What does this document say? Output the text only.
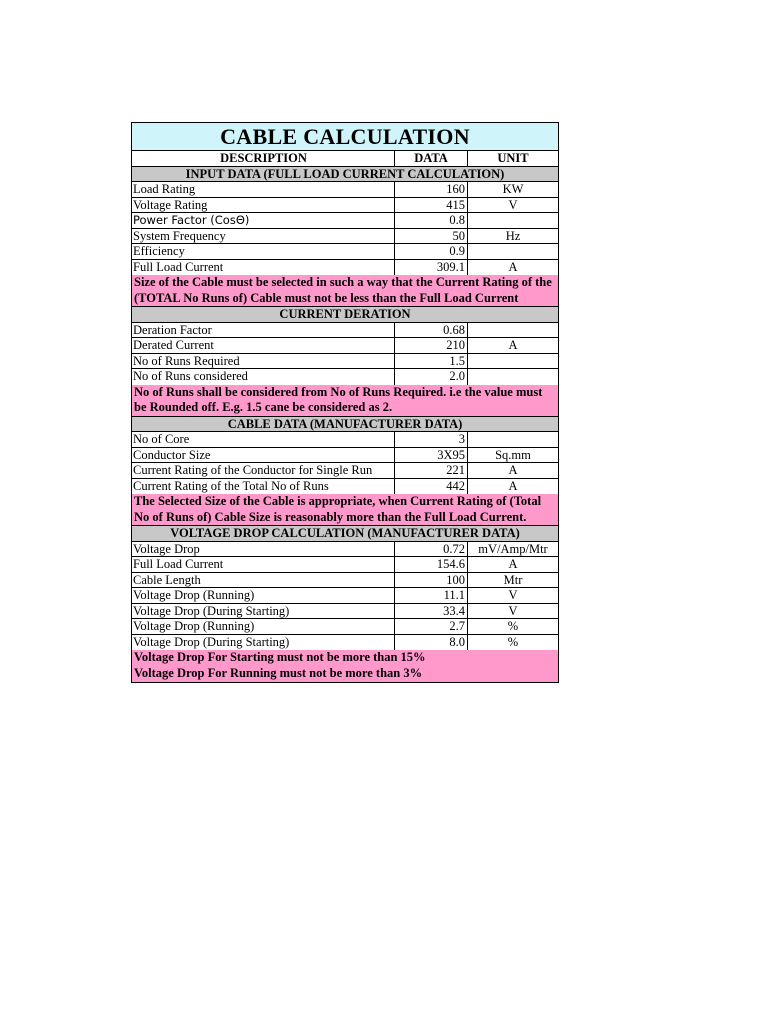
CABLE CALCULATION
DESCRIPTION	DATA	UNIT
INPUT DATA (FULL LOAD CURRENT CALCULATION)
Load Rating	160	KW
Voltage Rating	415	V
Power Factor (CosΘ)	0.8
System Frequency	50	Hz
Efficiency	0.9
Full Load Current	309.1	A
Size of the Cable must be selected in such a way that the Current Rating of the (TOTAL No Runs of) Cable must not be less than the Full Load Current
CURRENT DERATION
Deration Factor	0.68
Derated Current	210	A
No of Runs Required	1.5
No of Runs considered	2.0
No of Runs shall be considered from No of Runs Required. i.e the value must be Rounded off. E.g. 1.5 cane be considered as 2.
CABLE DATA (MANUFACTURER DATA)
No of Core	3
Conductor Size	3X95	Sq.mm
Current Rating of the Conductor for Single Run	221	A
Current Rating of the Total No of Runs	442	A
The Selected Size of the Cable is appropriate, when Current Rating of (Total No of Runs of) Cable Size is reasonably more than the Full Load Current.
VOLTAGE DROP CALCULATION (MANUFACTURER DATA)
Voltage Drop	0.72	mV/Amp/Mtr
Full Load Current	154.6	A
Cable Length	100	Mtr
Voltage Drop (Running)	11.1	V
Voltage Drop (During Starting)	33.4	V
Voltage Drop (Running)	2.7	%
Voltage Drop (During Starting)	8.0	%
Voltage Drop For Starting must not be more than 15%
Voltage Drop For Running must not be more than 3%
